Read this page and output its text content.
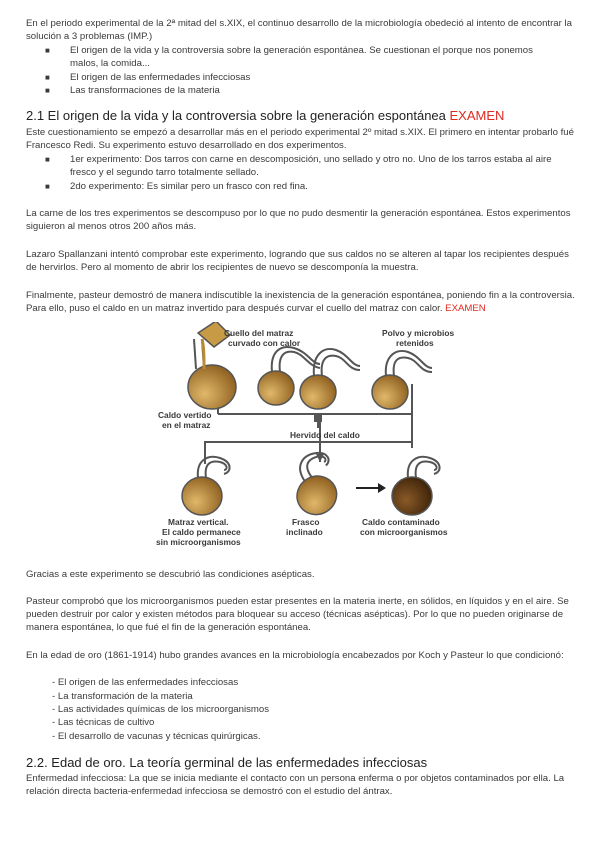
En el periodo experimental de la 2ª mitad del s.XIX, el continuo desarrollo de la microbiología obedeció al intento de encontrar la solución a 3 problemas (IMP.)

■ El origen de la vida y la controversia sobre la generación espontánea. Se cuestionan el porque nos ponemos malos, la comida...

■ El origen de las enfermedades infecciosas

■ Las transformaciones de la materia

2.1 El origen de la vida y la controversia sobre la generación espontánea EXAMEN

Este cuestionamiento se empezó a desarrollar más en el periodo experimental 2º mitad s.XIX. El primero en intentar probarlo fué Francesco Redi. Su experimento estuvo desarrollado en dos experimentos.

■ 1er experimento: Dos tarros con carne en descomposición, uno sellado y otro no. Uno de los tarros estaba al aire fresco y el segundo tarro totalmente sellado.

■ 2do experimento: Es similar pero un frasco con red fina.

La carne de los tres experimentos se descompuso por lo que no pudo desmentir la generación espontánea. Estos experimentos siguieron al menos otros 200 años más.

Lazaro Spallanzani intentó comprobar este experimento, logrando que sus caldos no se alteren al tapar los recipientes después de hervirlos. Pero al momento de abrir los recipientes de nuevo se descomponía la muestra.

Finalmente, pasteur demostró de manera indiscutible la inexistencia de la generación espontánea, poniendo fin a la controversia. Para ello, puso el caldo en un matraz invertido para después curvar el cuello del matraz con calor. EXAMEN

Cuello del matraz
curvado con calor
Polvo y microbios
retenidos
Caldo vertido
en el matraz
Hervido del caldo
Matraz vertical.
El caldo permanece
sin microorganismos
Frasco
inclinado
Caldo contaminado
con microorganismos

Gracias a este experimento se descubrió las condiciones asépticas.

Pasteur comprobó que los microorganismos pueden estar presentes en la materia inerte, en sólidos, en líquidos y en el aire. Se pueden destruir por calor y existen métodos para bloquear su acceso (técnicas asépticas). Por lo que no pueden originarse de manera espontánea, lo que fué el fin de la generación espontánea.

En la edad de oro (1861-1914) hubo grandes avances en la microbiología encabezados por Koch y Pasteur lo que condicionó:

- El origen de las enfermedades infecciosas

- La transformación de la materia

- Las actividades químicas de los microorganismos

- Las técnicas de cultivo

- El desarrollo de vacunas y técnicas quirúrgicas.

2.2. Edad de oro. La teoría germinal de las enfermedades infecciosas

Enfermedad infecciosa: La que se inicia mediante el contacto con un persona enferma o por objetos contaminados por ella. La relación directa bacteria-enfermedad infecciosa se demostró con el estudio del ántrax.
